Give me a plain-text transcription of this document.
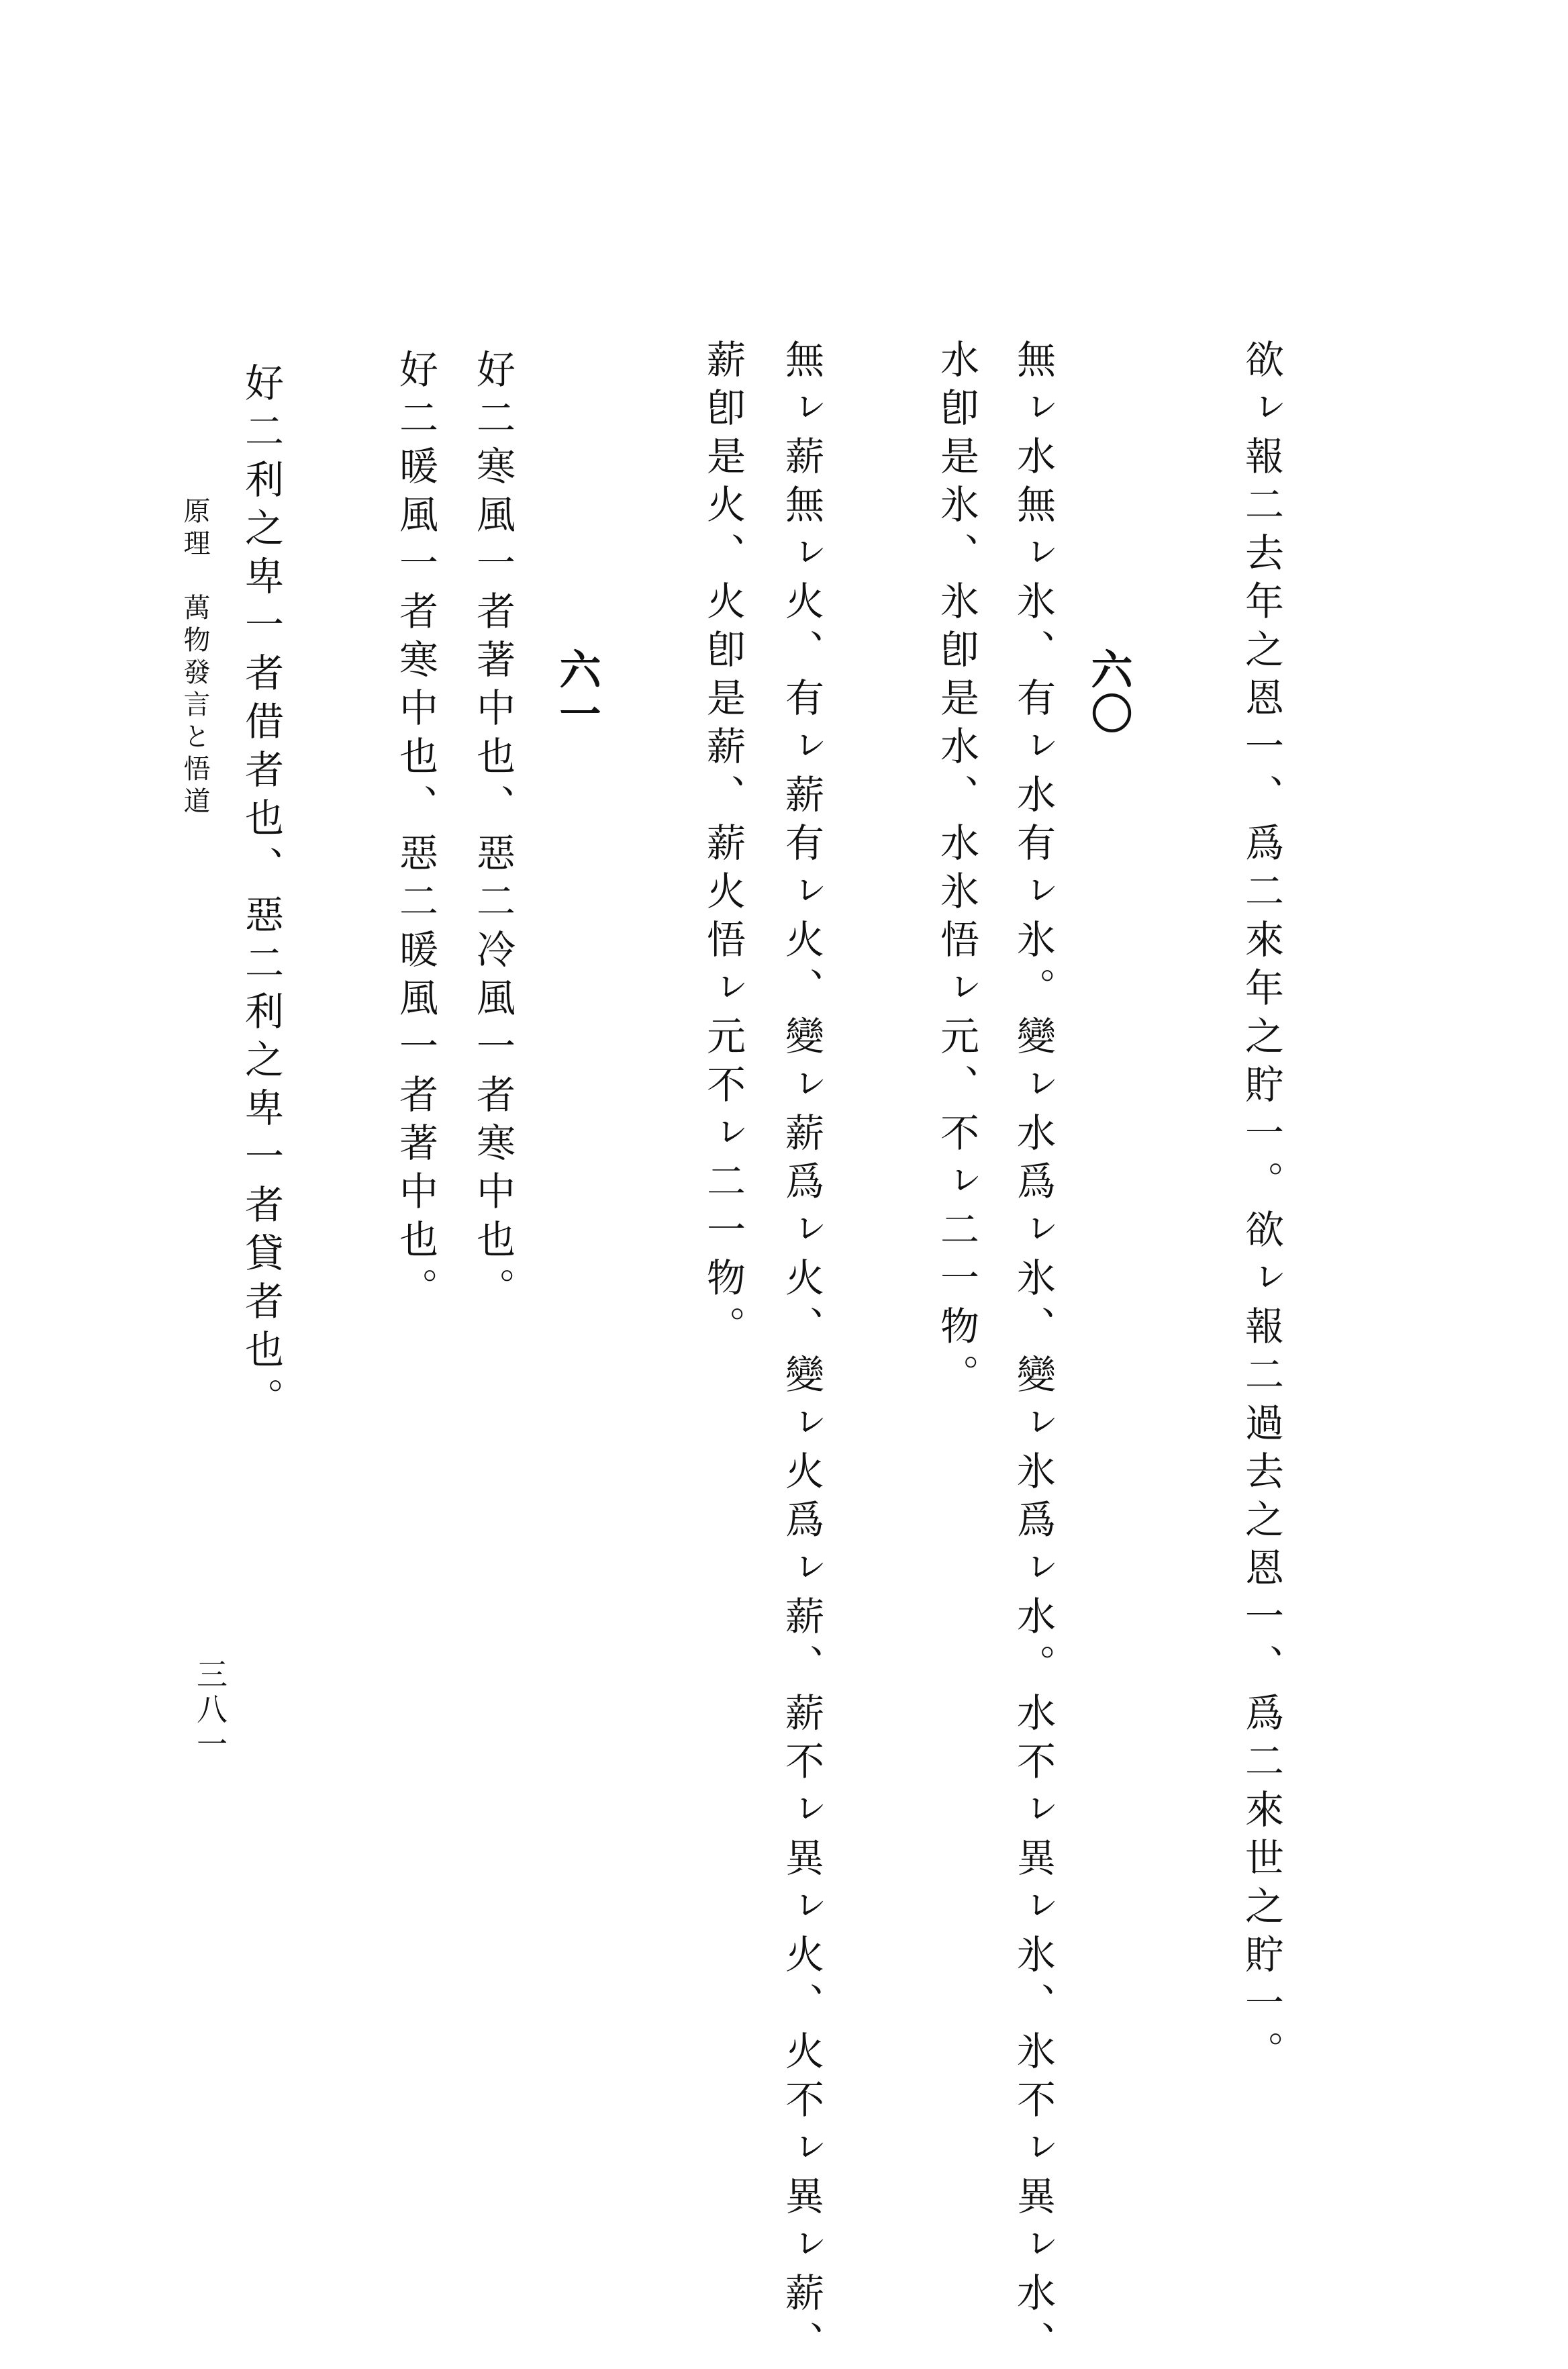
欲ㇾ報二去年之恩一、爲二來年之貯一。欲ㇾ報二過去之恩一、爲二來世之貯一。
六〇
無ㇾ水無ㇾ氷、有ㇾ水有ㇾ氷。變ㇾ水爲ㇾ氷、變ㇾ氷爲ㇾ水。水不ㇾ異ㇾ氷、氷不ㇾ異ㇾ水、
水卽是氷、氷卽是水、水氷悟ㇾ元、不ㇾ二一物。
無ㇾ薪無ㇾ火、有ㇾ薪有ㇾ火、變ㇾ薪爲ㇾ火、變ㇾ火爲ㇾ薪、薪不ㇾ異ㇾ火、火不ㇾ異ㇾ薪、
薪卽是火、火卽是薪、薪火悟ㇾ元不ㇾ二一物。
六一
好二寒風一者著中也、惡二冷風一者寒中也。
好二暖風一者寒中也、惡二暖風一者著中也。
好二利之卑一者借者也、惡二利之卑一者貸者也。
原理　萬物發言と悟道
三八一
